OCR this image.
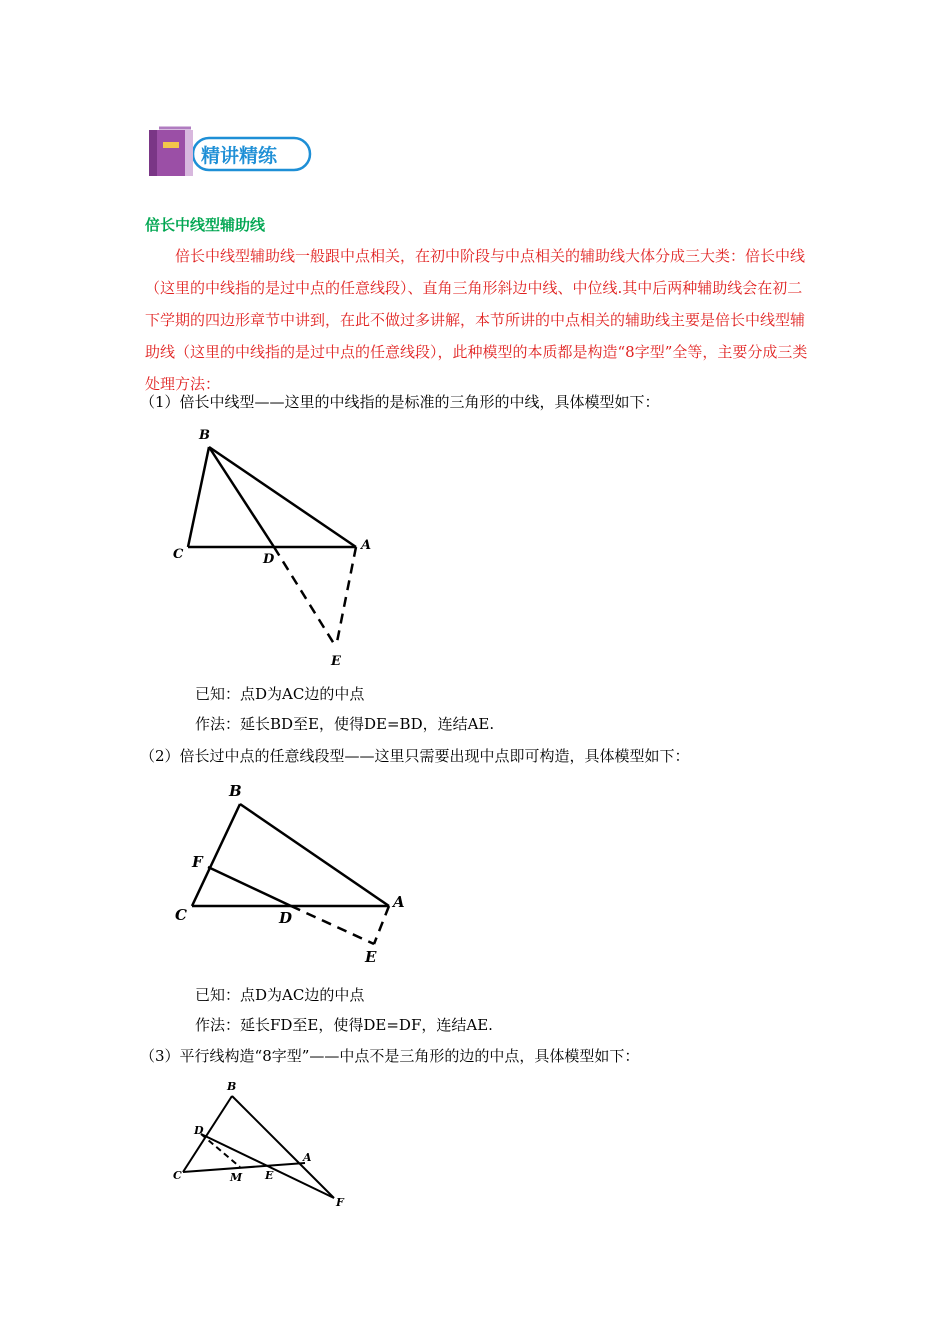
精讲精练
倍长中线型辅助线
倍长中线型辅助线一般跟中点相关，在初中阶段与中点相关的辅助线大体分成三大类：倍长中线（这里的中线指的是过中点的任意线段）、直角三角形斜边中线、中位线.其中后两种辅助线会在初二下学期的四边形章节中讲到，在此不做过多讲解，本节所讲的中点相关的辅助线主要是倍长中线型辅助线（这里的中线指的是过中点的任意线段），此种模型的本质都是构造“8字型”全等，主要分成三类处理方法：
（1）倍长中线型——这里的中线指的是标准的三角形的中线，具体模型如下：
B
C	D
A
E
已知：点D为AC边的中点
作法：延长BD至E，使得DE=BD，连结AE.
（2）倍长过中点的任意线段型——这里只需要出现中点即可构造，具体模型如下：
B
F
C	D
A
E
已知：点D为AC边的中点
作法：延长FD至E，使得DE=DF，连结AE.
（3）平行线构造“8字型”——中点不是三角形的边的中点，具体模型如下：
B
D
A
C	M E
F
